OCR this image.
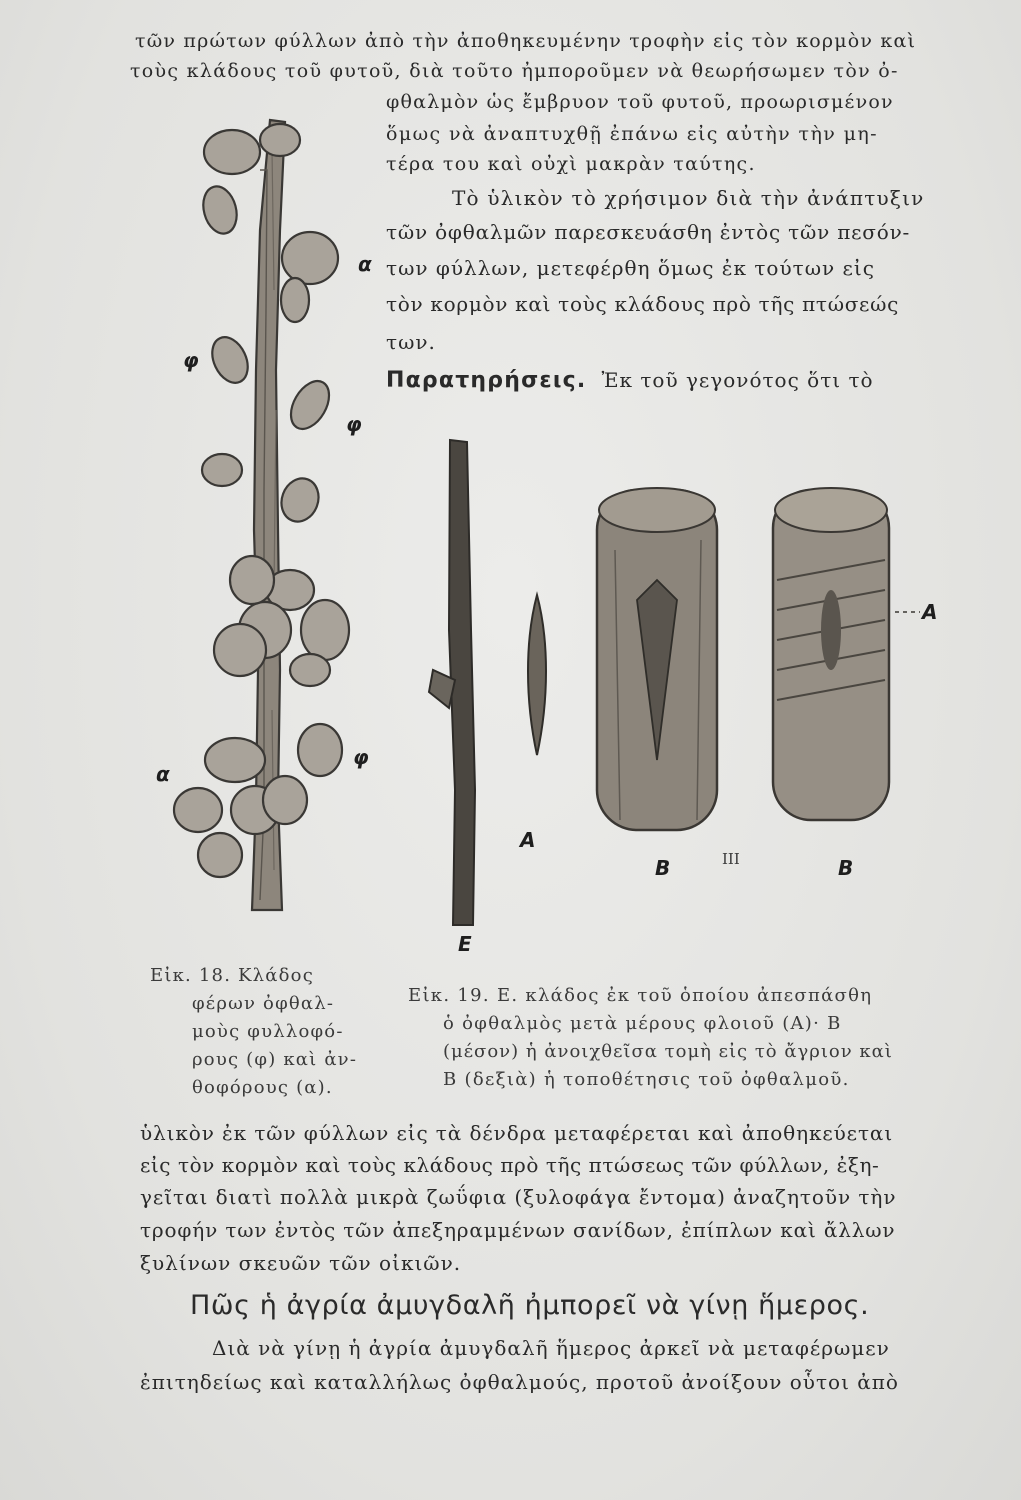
τῶν πρώτων φύλλων ἀπὸ τὴν ἀποθηκευμένην τροφὴν εἰς τὸν κορμὸν καὶ
τοὺς κλάδους τοῦ φυτοῦ, διὰ τοῦτο ἠμποροῦμεν νὰ θεωρήσωμεν τὸν ὀ-
φθαλμὸν ὡς ἔμβρυον τοῦ φυτοῦ, προωρισμένον
ὅμως νὰ ἀναπτυχθῇ ἐπάνω εἰς αὐτὴν τὴν μη-
τέρα του καὶ οὐχὶ μακρὰν ταύτης.
Τὸ ὑλικὸν τὸ χρήσιμον διὰ τὴν ἀνάπτυξιν
τῶν ὀφθαλμῶν παρεσκευάσθη ἐντὸς τῶν πεσόν-
των φύλλων, μετεφέρθη ὅμως ἐκ τούτων εἰς
τὸν κορμὸν καὶ τοὺς κλάδους πρὸ τῆς πτώσεώς
των.
Παρατηρήσεις. Ἐκ τοῦ γεγονότος ὅτι τὸ
α
φ
φ
φ
α
Εἰκ. 18. Κλάδος
φέρων ὀφθαλ-
μοὺς φυλλοφό-
ρους (φ) καὶ ἀν-
θοφόρους (α).
Α
Α
Β	ΙΙΙ	Β
Ε
Εἰκ. 19. Ε. κλάδος ἐκ τοῦ ὁποίου ἀπεσπάσθη
ὁ ὀφθαλμὸς μετὰ μέρους φλοιοῦ (Α)· Β
(μέσον) ἡ ἀνοιχθεῖσα τομὴ εἰς τὸ ἄγριον καὶ
Β (δεξιὰ) ἡ τοποθέτησις τοῦ ὀφθαλμοῦ.
ὑλικὸν ἐκ τῶν φύλλων εἰς τὰ δένδρα μεταφέρεται καὶ ἀποθηκεύεται
εἰς τὸν κορμὸν καὶ τοὺς κλάδους πρὸ τῆς πτώσεως τῶν φύλλων, ἐξη-
γεῖται διατὶ πολλὰ μικρὰ ζωΰφια (ξυλοφάγα ἔντομα) ἀναζητοῦν τὴν
τροφήν των ἐντὸς τῶν ἀπεξηραμμένων σανίδων, ἐπίπλων καὶ ἄλλων
ξυλίνων σκευῶν τῶν οἰκιῶν.
Πῶς ἡ ἀγρία ἀμυγδαλῆ ἠμπορεῖ νὰ γίνῃ ἥμερος.
Διὰ νὰ γίνῃ ἡ ἀγρία ἀμυγδαλῆ ἥμερος ἀρκεῖ νὰ μεταφέρωμεν
ἐπιτηδείως καὶ καταλλήλως ὀφθαλμούς, προτοῦ ἀνοίξουν οὗτοι ἀπὸ
